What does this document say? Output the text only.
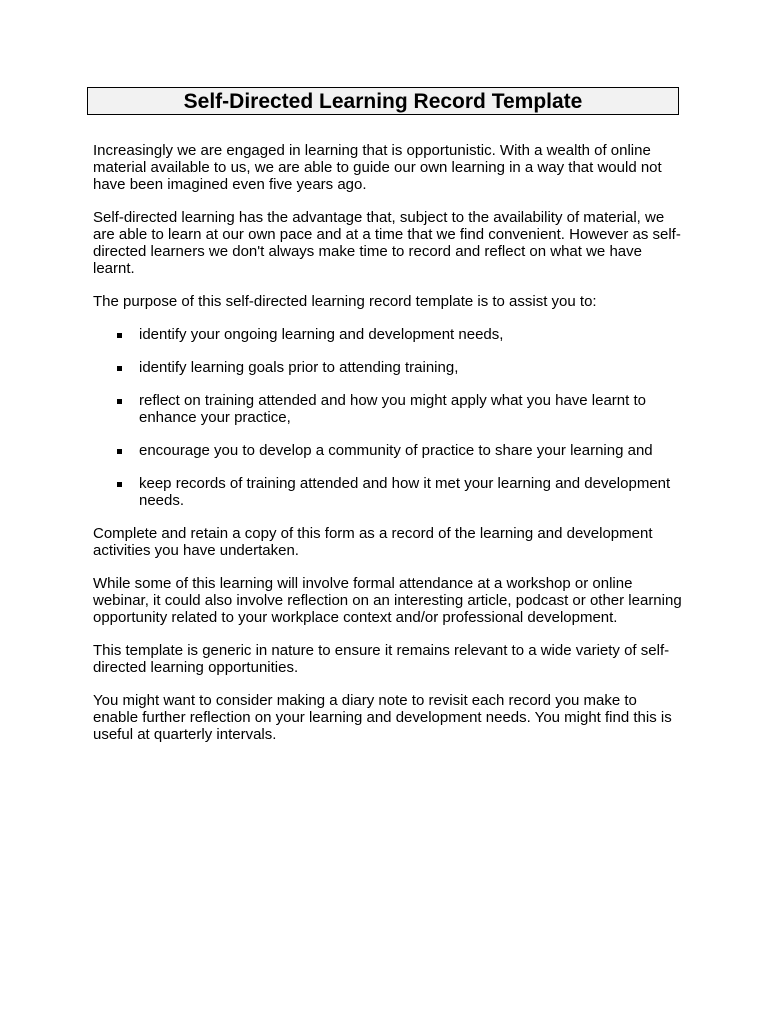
Self-Directed Learning Record Template

Increasingly we are engaged in learning that is opportunistic. With a wealth of online material available to us, we are able to guide our own learning in a way that would not have been imagined even five years ago.

Self-directed learning has the advantage that, subject to the availability of material, we are able to learn at our own pace and at a time that we find convenient. However as self-directed learners we don't always make time to record and reflect on what we have learnt.

The purpose of this self-directed learning record template is to assist you to:

identify your ongoing learning and development needs,
identify learning goals prior to attending training,
reflect on training attended and how you might apply what you have learnt to enhance your practice,
encourage you to develop a community of practice to share your learning and
keep records of training attended and how it met your learning and development needs.

Complete and retain a copy of this form as a record of the learning and development activities you have undertaken.

While some of this learning will involve formal attendance at a workshop or online webinar, it could also involve reflection on an interesting article, podcast or other learning opportunity related to your workplace context and/or professional development.

This template is generic in nature to ensure it remains relevant to a wide variety of self-directed learning opportunities.

You might want to consider making a diary note to revisit each record you make to enable further reflection on your learning and development needs. You might find this is useful at quarterly intervals.
